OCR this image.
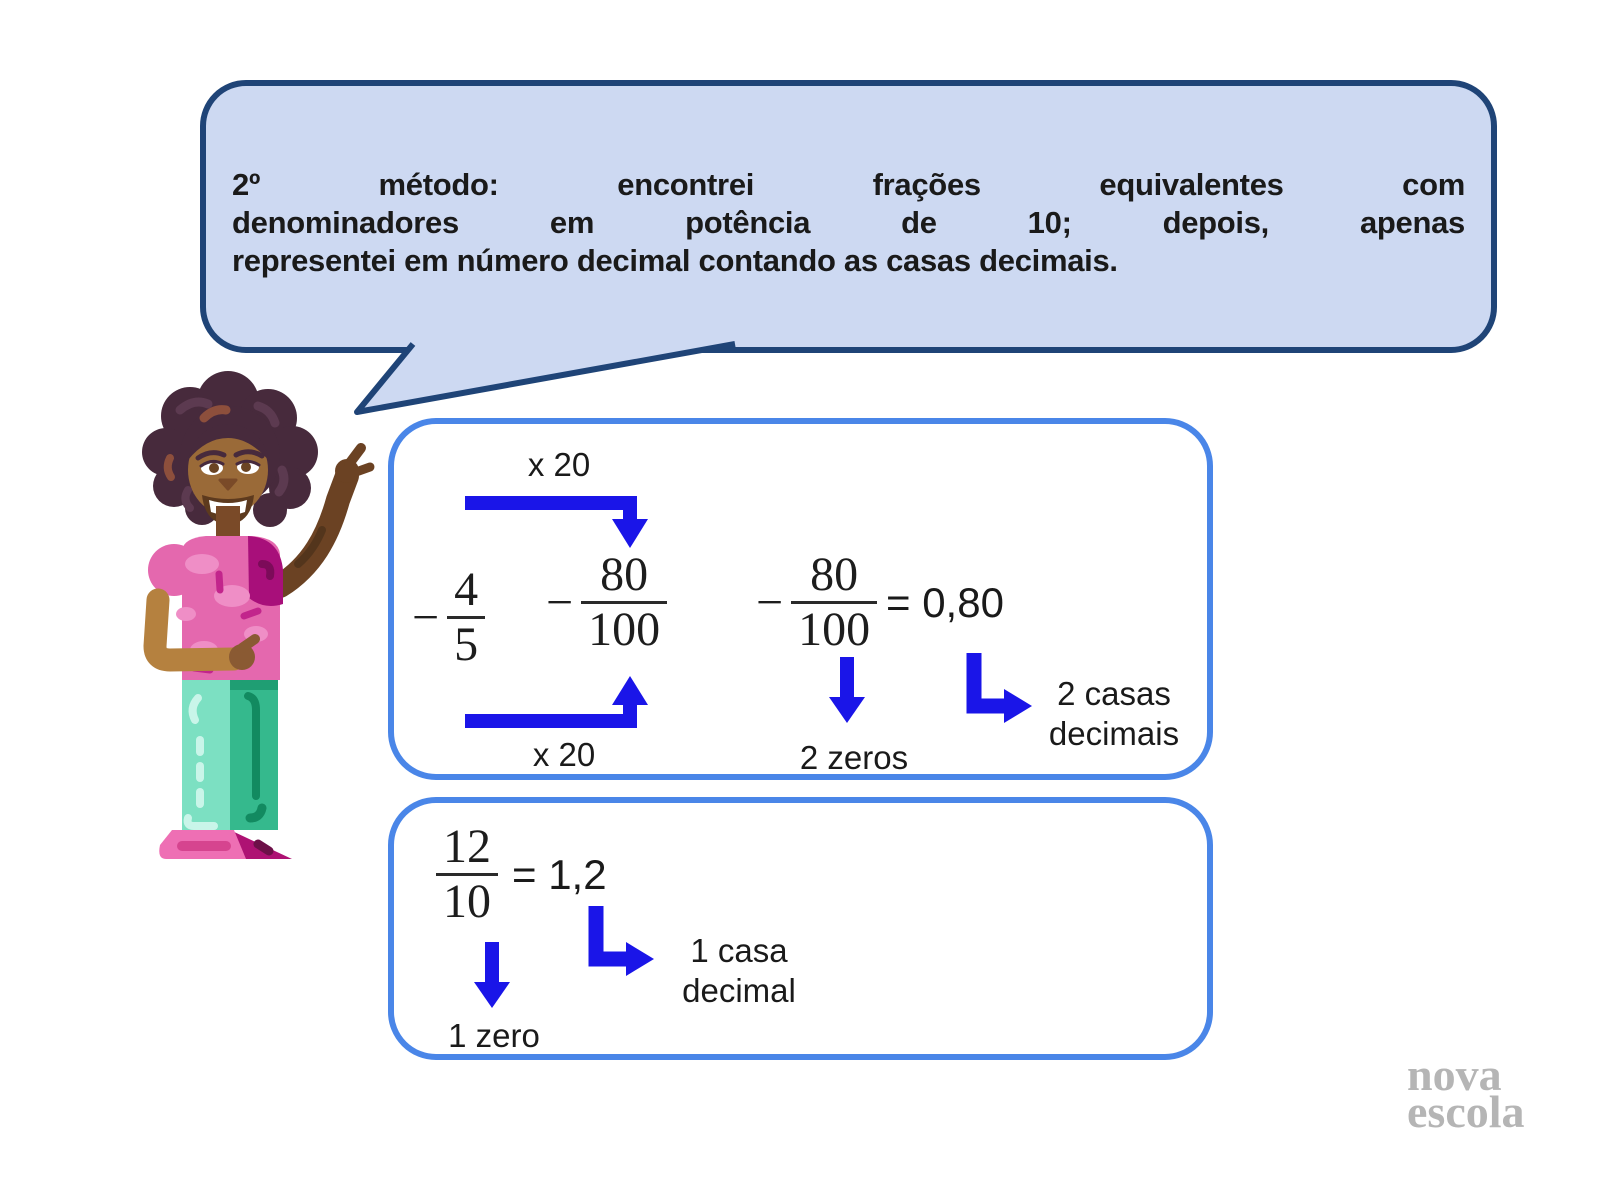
2º método: encontrei frações equivalentes com
denominadores em potência de 10; depois, apenas
representei em número decimal contando as casas decimais.
x 20
− $\frac{4}{5} - \frac{80}{100} - \frac{80}{100} = 0,80$
x 20	2 zeros
2 casas
decimais
$\frac{12}{10} = 1,2$
1 casa
decimal
1 zero
nova
escola
